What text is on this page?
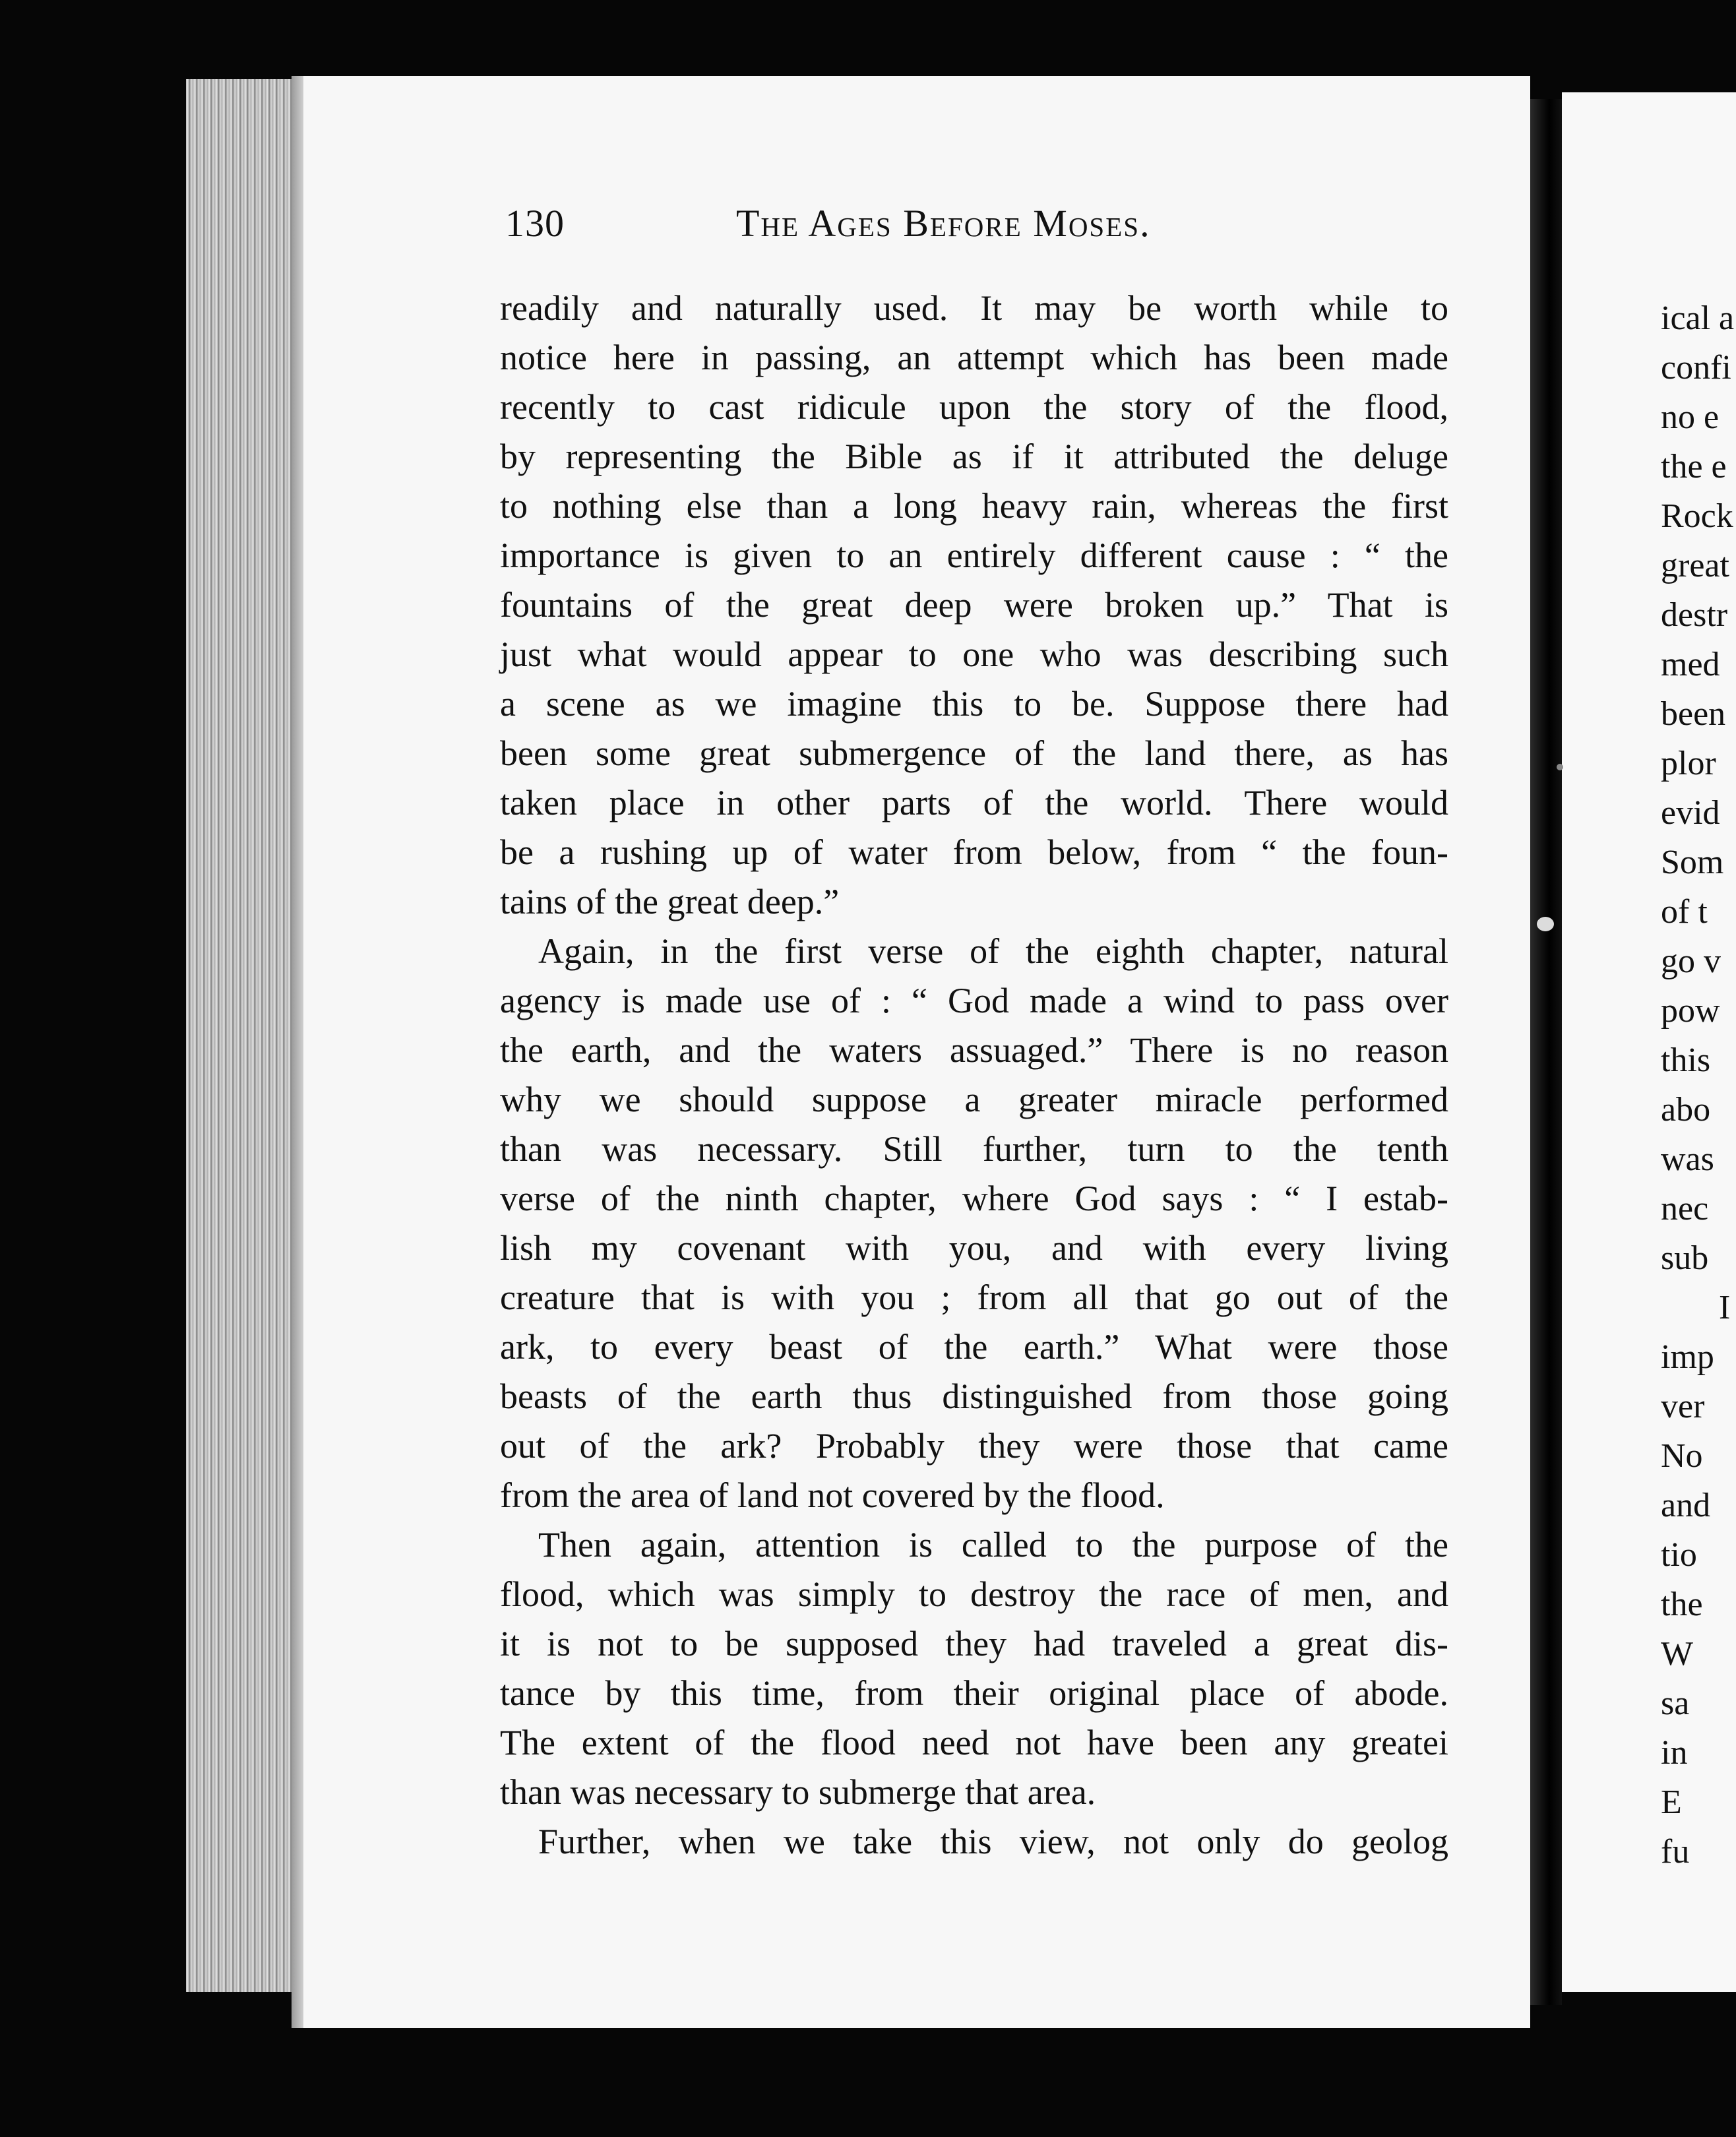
130	The Ages Before Moses.
readily and naturally used. It may be worth while to
notice here in passing, an attempt which has been made
recently to cast ridicule upon the story of the flood,
by representing the Bible as if it attributed the deluge
to nothing else than a long heavy rain, whereas the first
importance is given to an entirely different cause : “ the
fountains of the great deep were broken up.” That is
just what would appear to one who was describing such
a scene as we imagine this to be. Suppose there had
been some great submergence of the land there, as has
taken place in other parts of the world. There would
be a rushing up of water from below, from “ the foun-
tains of the great deep.”
Again, in the first verse of the eighth chapter, natural
agency is made use of : “ God made a wind to pass over
the earth, and the waters assuaged.” There is no reason
why we should suppose a greater miracle performed
than was necessary. Still further, turn to the tenth
verse of the ninth chapter, where God says : “ I estab-
lish my covenant with you, and with every living
creature that is with you ; from all that go out of the
ark, to every beast of the earth.” What were those
beasts of the earth thus distinguished from those going
out of the ark? Probably they were those that came
from the area of land not covered by the flood.
Then again, attention is called to the purpose of the
flood, which was simply to destroy the race of men, and
it is not to be supposed they had traveled a great dis-
tance by this time, from their original place of abode.
The extent of the flood need not have been any greatei
than was necessary to submerge that area.
Further, when we take this view, not only do geolog
ical a
confi
no e
the e
Rock
great
destr
med
been
plor
evid
Som
of t
go v
pow
this
abo
was
nec
sub
I
imp
ver
No
and
tio
the
W
sa
in
E
fu
